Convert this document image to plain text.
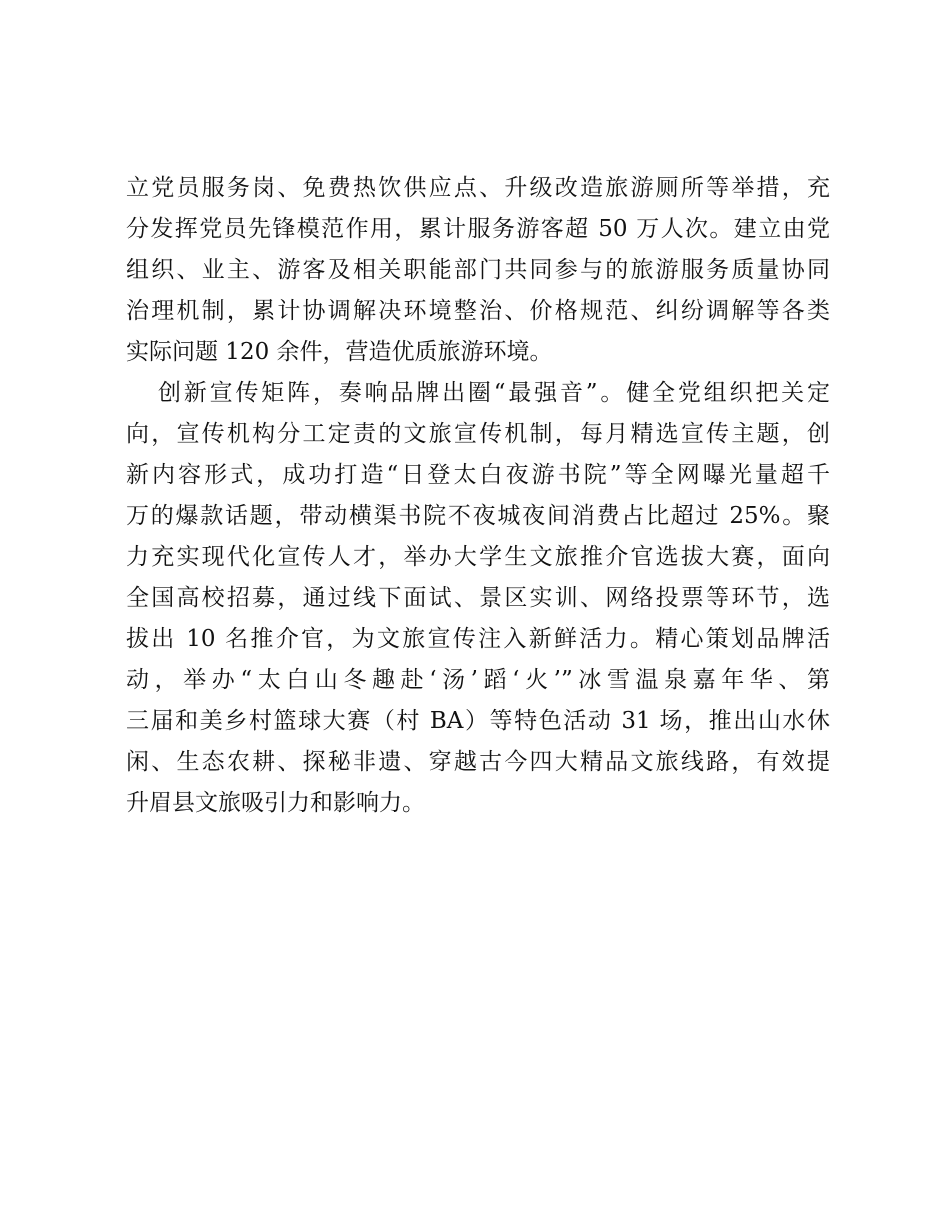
立党员服务岗、免费热饮供应点、升级改造旅游厕所等举措，充
分发挥党员先锋模范作用，累计服务游客超 50 万人次。建立由党
组织、业主、游客及相关职能部门共同参与的旅游服务质量协同
治理机制，累计协调解决环境整治、价格规范、纠纷调解等各类
实际问题 120 余件，营造优质旅游环境。
创新宣传矩阵，奏响品牌出圈“最强音”。健全党组织把关定
向，宣传机构分工定责的文旅宣传机制，每月精选宣传主题，创
新内容形式，成功打造“日登太白夜游书院”等全网曝光量超千
万的爆款话题，带动横渠书院不夜城夜间消费占比超过 25%。聚
力充实现代化宣传人才，举办大学生文旅推介官选拔大赛，面向
全国高校招募，通过线下面试、景区实训、网络投票等环节，选
拔出 10 名推介官，为文旅宣传注入新鲜活力。精心策划品牌活
动，举办“太白山冬趣赴‘汤’蹈‘火’”冰雪温泉嘉年华、第
三届和美乡村篮球大赛（村 BA）等特色活动 31 场，推出山水休
闲、生态农耕、探秘非遗、穿越古今四大精品文旅线路，有效提
升眉县文旅吸引力和影响力。
